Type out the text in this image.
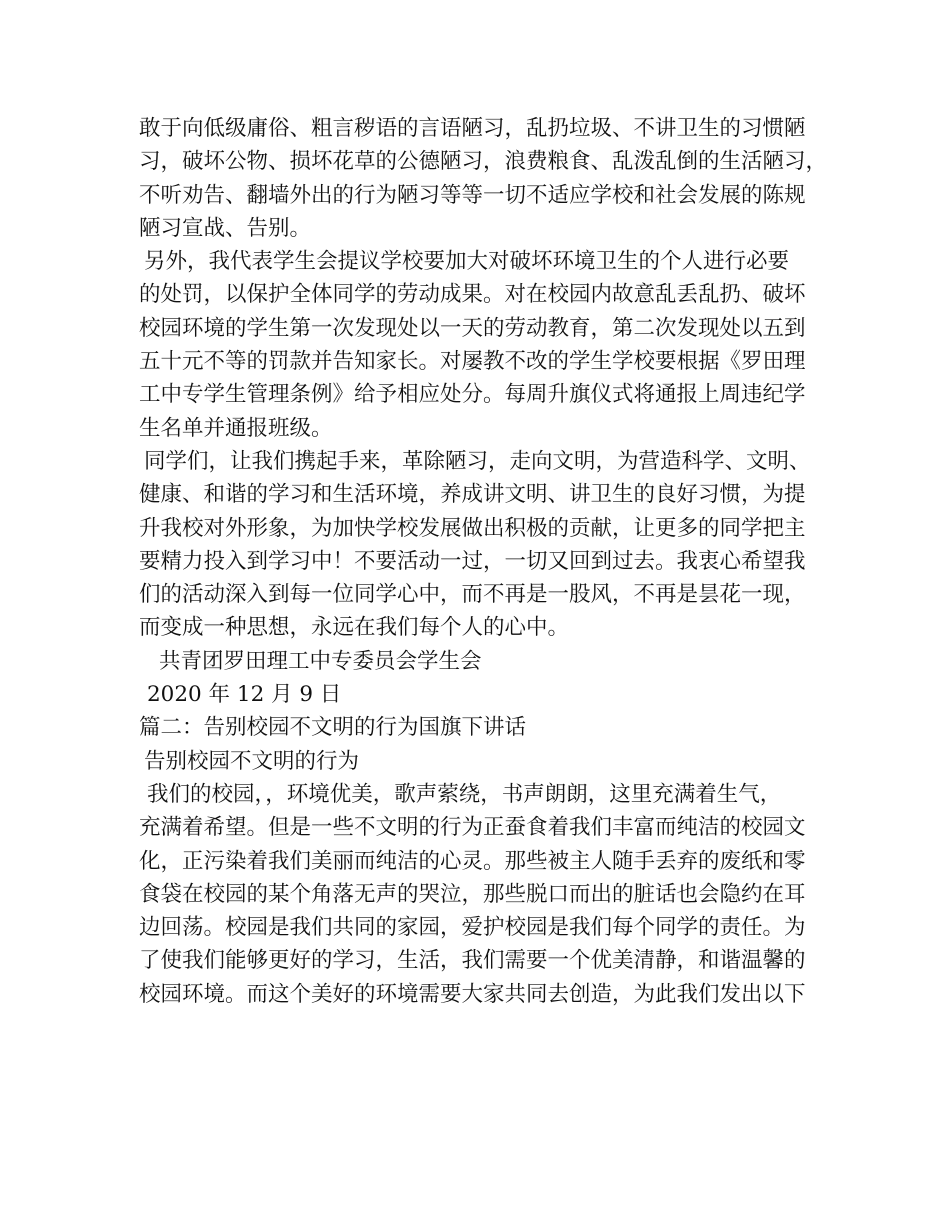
敢于向低级庸俗、粗言秽语的言语陋习，乱扔垃圾、不讲卫生的习惯陋
习，破坏公物、损坏花草的公德陋习，浪费粮食、乱泼乱倒的生活陋习，
不听劝告、翻墙外出的行为陋习等等一切不适应学校和社会发展的陈规
陋习宣战、告别。
另外，我代表学生会提议学校要加大对破坏环境卫生的个人进行必要
的处罚，以保护全体同学的劳动成果。对在校园内故意乱丢乱扔、破坏
校园环境的学生第一次发现处以一天的劳动教育，第二次发现处以五到
五十元不等的罚款并告知家长。对屡教不改的学生学校要根据《罗田理
工中专学生管理条例》给予相应处分。每周升旗仪式将通报上周违纪学
生名单并通报班级。
同学们，让我们携起手来，革除陋习，走向文明，为营造科学、文明、
健康、和谐的学习和生活环境，养成讲文明、讲卫生的良好习惯，为提
升我校对外形象，为加快学校发展做出积极的贡献，让更多的同学把主
要精力投入到学习中！不要活动一过，一切又回到过去。我衷心希望我
们的活动深入到每一位同学心中，而不再是一股风，不再是昙花一现，
而变成一种思想，永远在我们每个人的心中。
共青团罗田理工中专委员会学生会
2020 年 12 月 9 日
篇二：告别校园不文明的行为国旗下讲话
告别校园不文明的行为
我们的校园，，环境优美，歌声萦绕，书声朗朗，这里充满着生气，
充满着希望。但是一些不文明的行为正蚕食着我们丰富而纯洁的校园文
化，正污染着我们美丽而纯洁的心灵。那些被主人随手丢弃的废纸和零
食袋在校园的某个角落无声的哭泣，那些脱口而出的脏话也会隐约在耳
边回荡。校园是我们共同的家园，爱护校园是我们每个同学的责任。为
了使我们能够更好的学习，生活，我们需要一个优美清静，和谐温馨的
校园环境。而这个美好的环境需要大家共同去创造，为此我们发出以下
